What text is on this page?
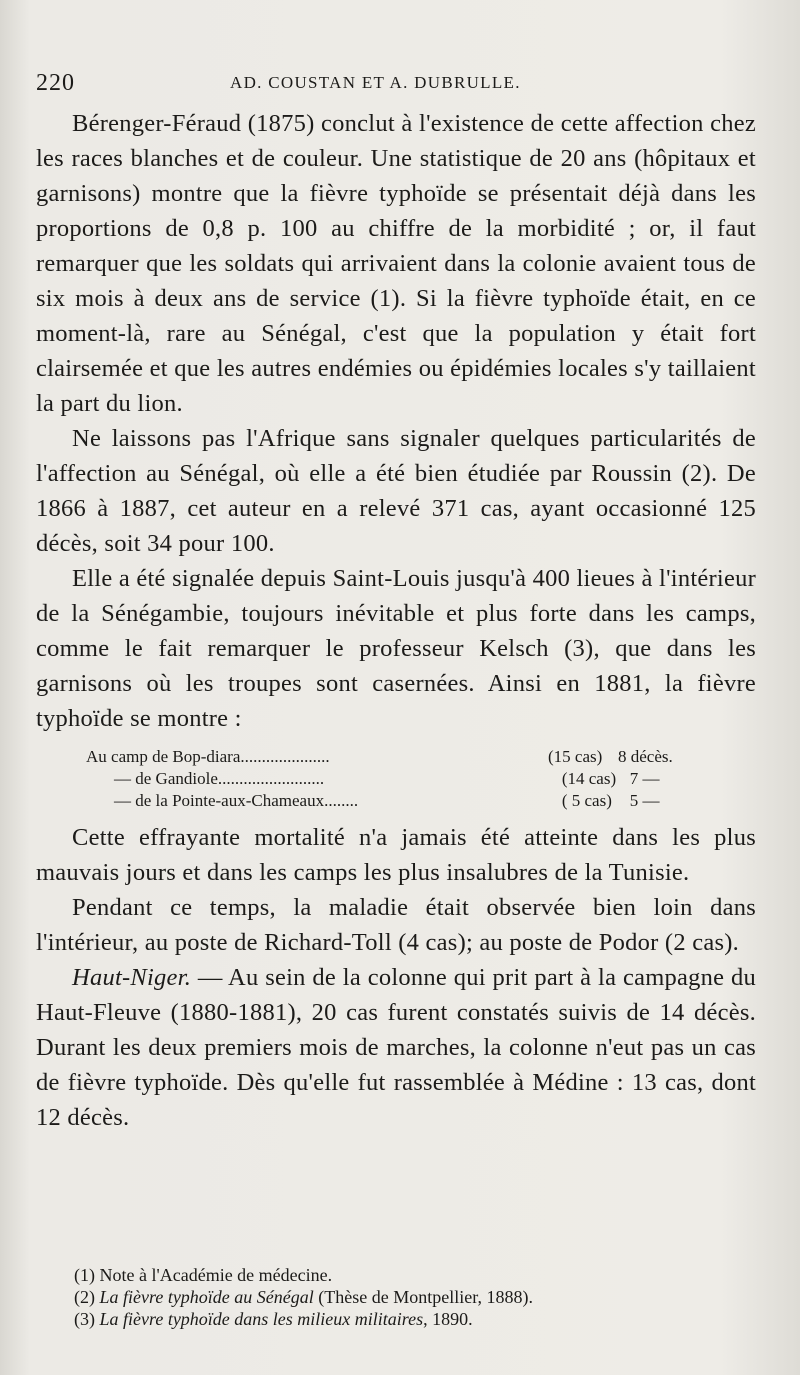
220	AD. COUSTAN ET A. DUBRULLE.

Bérenger-Féraud (1875) conclut à l'existence de cette affection chez les races blanches et de couleur. Une statistique de 20 ans (hôpitaux et garnisons) montre que la fièvre typhoïde se présentait déjà dans les proportions de 0,8 p. 100 au chiffre de la morbidité ; or, il faut remarquer que les soldats qui arrivaient dans la colonie avaient tous de six mois à deux ans de service (1). Si la fièvre typhoïde était, en ce moment-là, rare au Sénégal, c'est que la population y était fort clairsemée et que les autres endémies ou épidémies locales s'y taillaient la part du lion.

Ne laissons pas l'Afrique sans signaler quelques particularités de l'affection au Sénégal, où elle a été bien étudiée par Roussin (2). De 1866 à 1887, cet auteur en a relevé 371 cas, ayant occasionné 125 décès, soit 34 pour 100.

Elle a été signalée depuis Saint-Louis jusqu'à 400 lieues à l'intérieur de la Sénégambie, toujours inévitable et plus forte dans les camps, comme le fait remarquer le professeur Kelsch (3), que dans les garnisons où les troupes sont casernées. Ainsi en 1881, la fièvre typhoïde se montre :

Au camp de Bop-diara.....................	(15 cas) 8 décès.
— de Gandiole.........................	(14 cas) 7 —
— de la Pointe-aux-Chameaux........	( 5 cas)	5 —

Cette effrayante mortalité n'a jamais été atteinte dans les plus mauvais jours et dans les camps les plus insalubres de la Tunisie.

Pendant ce temps, la maladie était observée bien loin dans l'intérieur, au poste de Richard-Toll (4 cas); au poste de Podor (2 cas).

Haut-Niger. — Au sein de la colonne qui prit part à la campagne du Haut-Fleuve (1880-1881), 20 cas furent constatés suivis de 14 décès. Durant les deux premiers mois de marches, la colonne n'eut pas un cas de fièvre typhoïde. Dès qu'elle fut rassemblée à Médine : 13 cas, dont 12 décès.

(1) Note à l'Académie de médecine.

(2) La fièvre typhoïde au Sénégal (Thèse de Montpellier, 1888).

(3) La fièvre typhoïde dans les milieux militaires, 1890.
